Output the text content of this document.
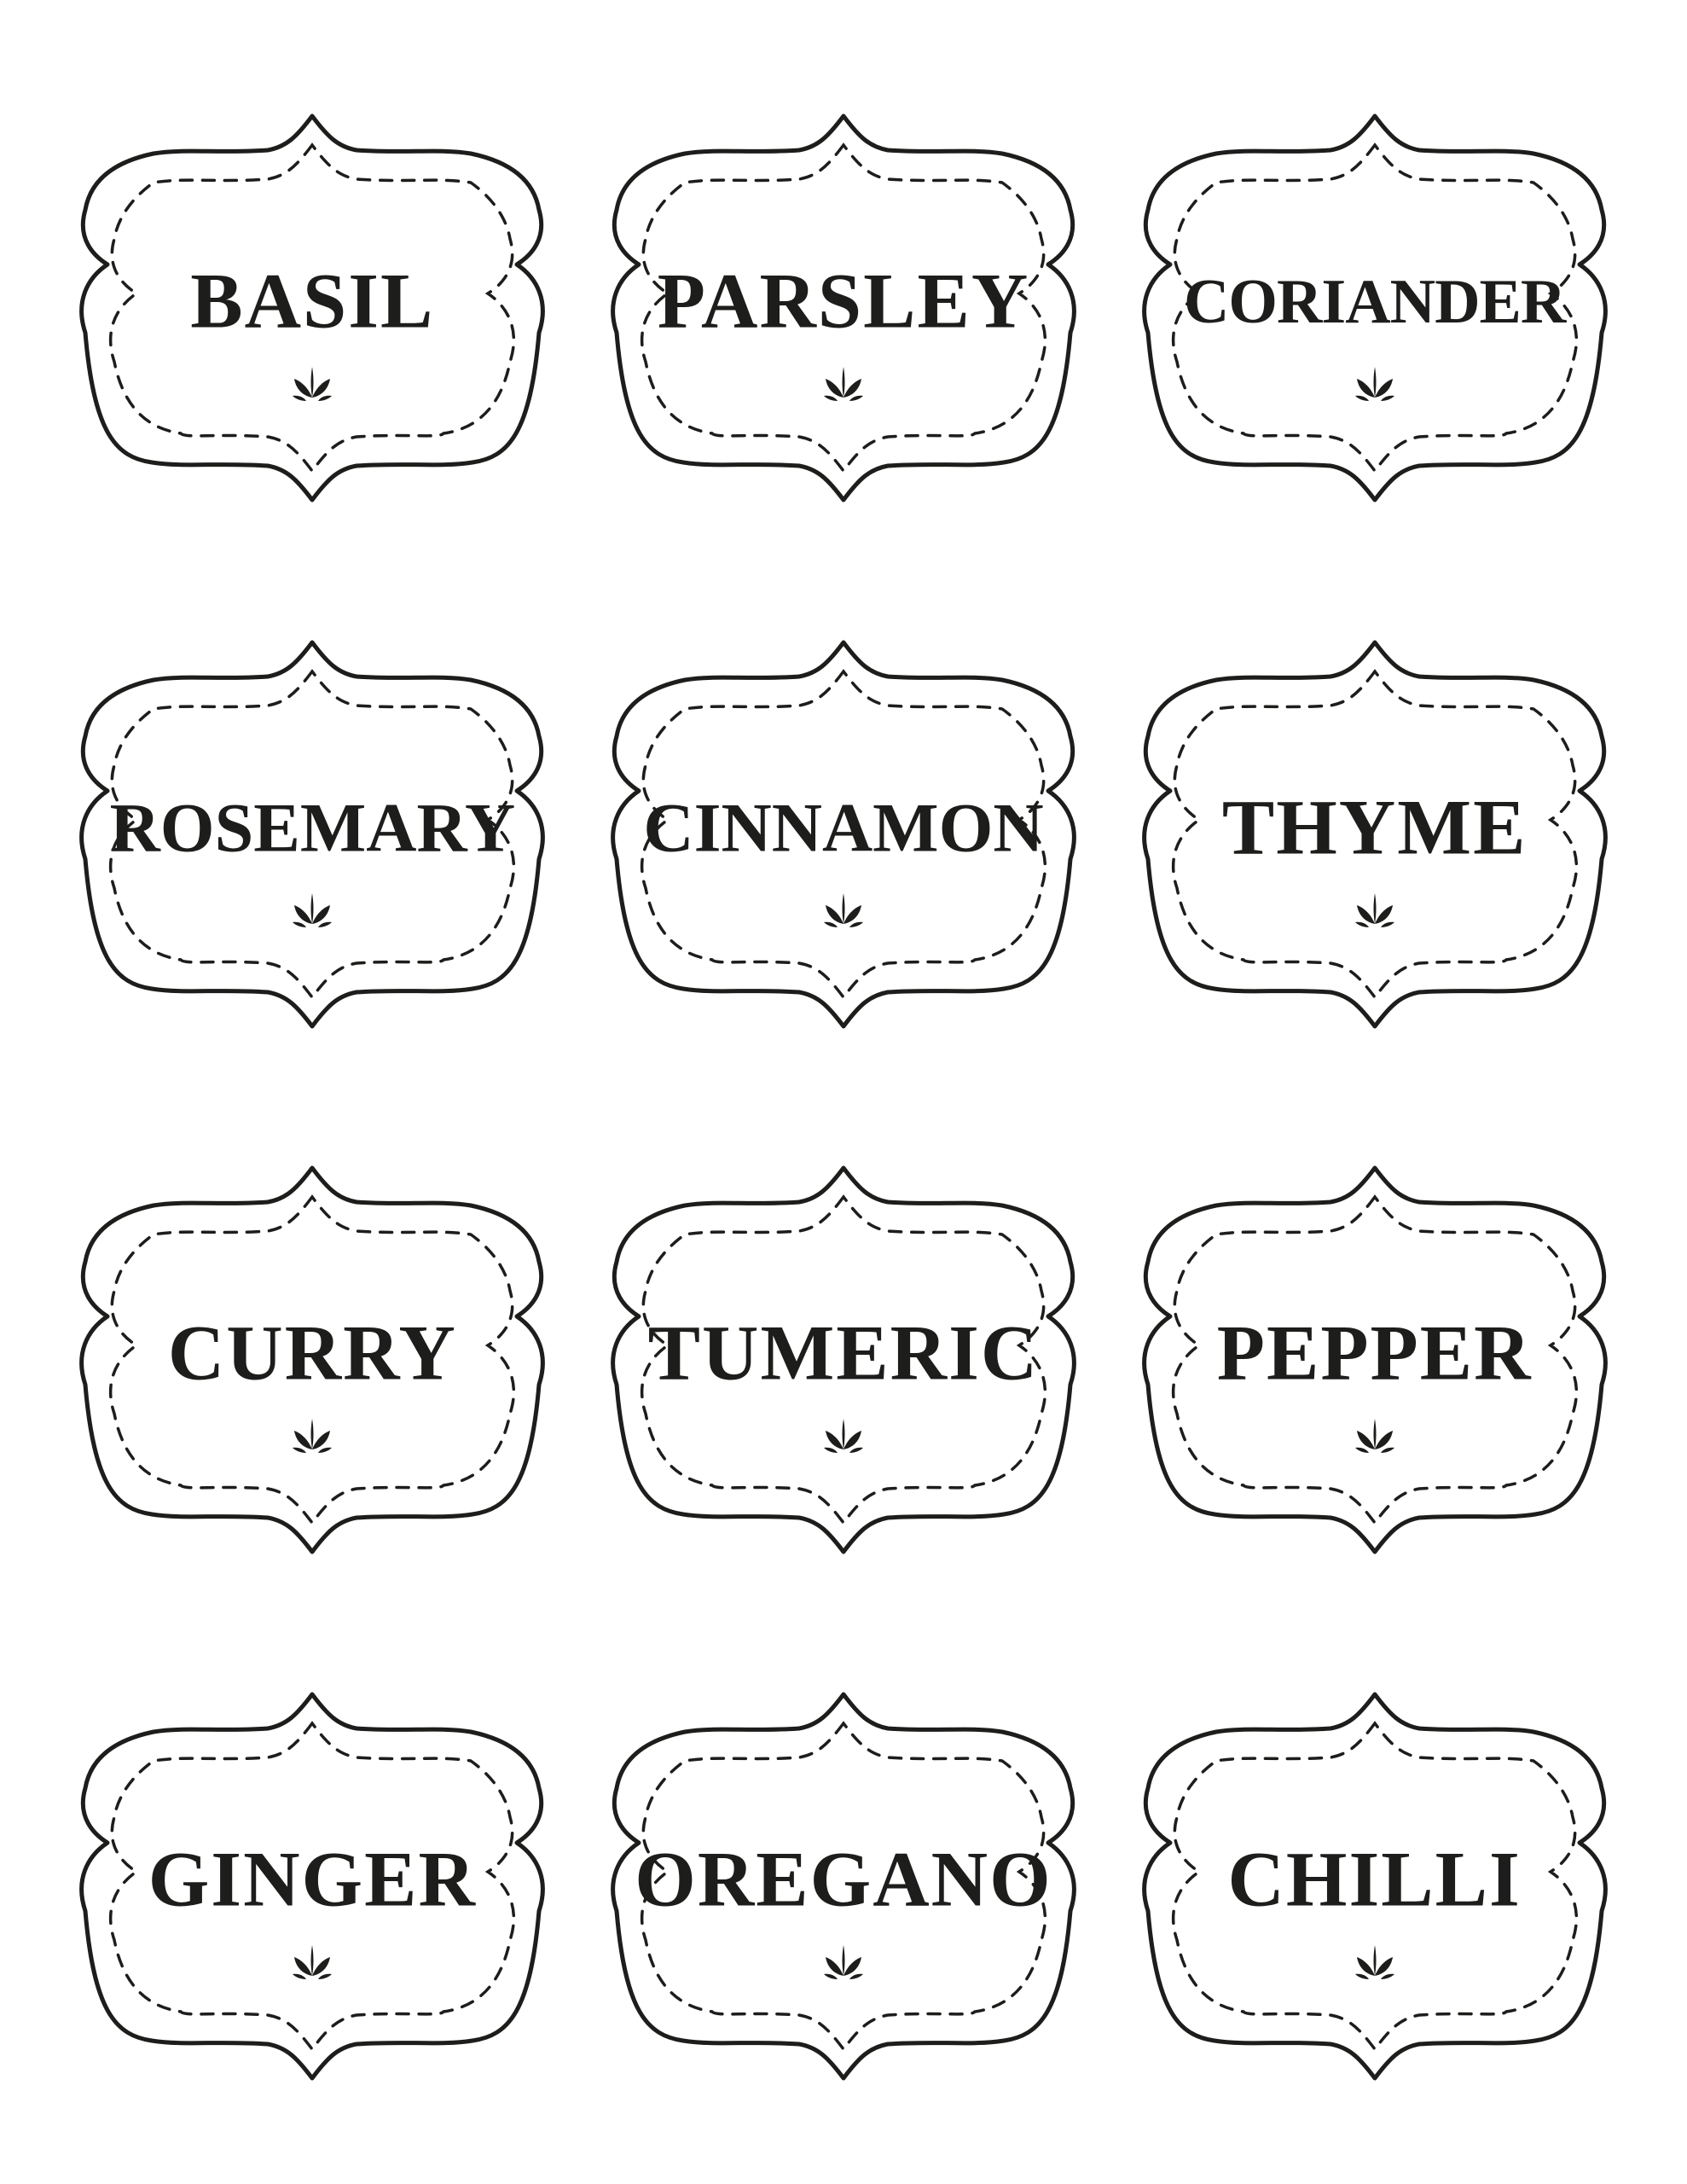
BASIL	PARSLEY	CORIANDER
ROSEMARY	CINNAMON	THYME
CURRY	TUMERIC	PEPPER
GINGER	OREGANO	CHILLI
